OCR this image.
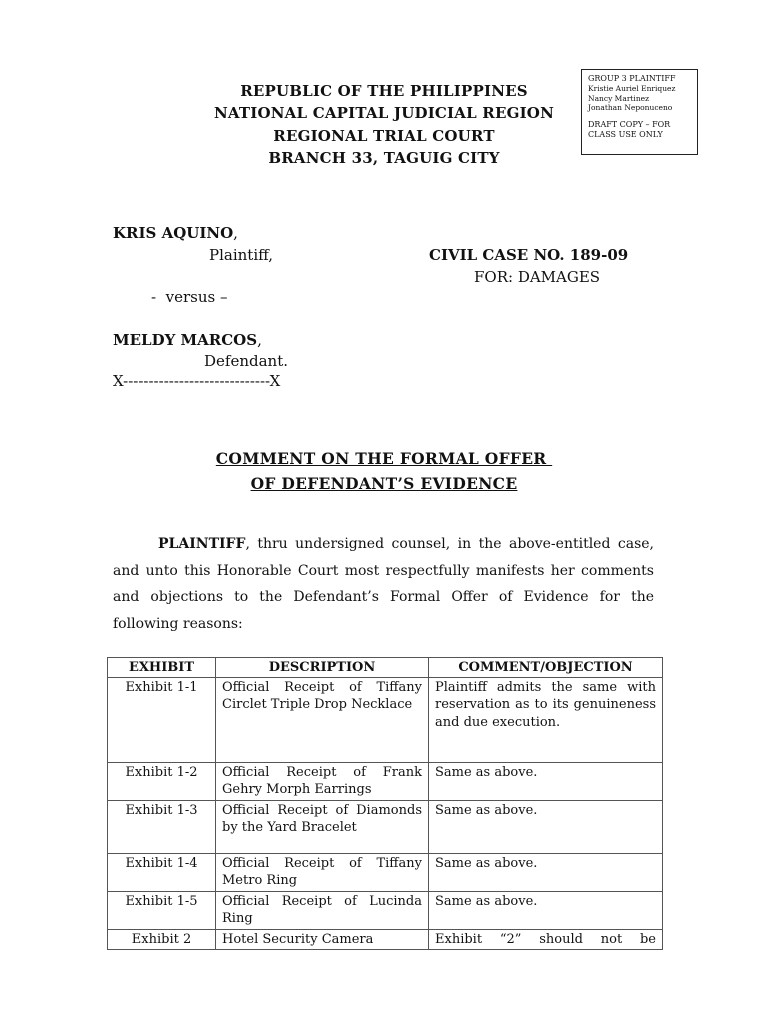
REPUBLIC OF THE PHILIPPINES
NATIONAL CAPITAL JUDICIAL REGION
REGIONAL TRIAL COURT
BRANCH 33, TAGUIG CITY
GROUP 3 PLAINTIFF
Kristie Auriel Enriquez
Nancy Martinez
Jonathan Neponuceno
DRAFT COPY – FOR CLASS USE ONLY
KRIS AQUINO,
Plaintiff,	CIVIL CASE NO. 189-09
FOR: DAMAGES
-  versus –
MELDY MARCOS,
Defendant.
X-----------------------------X
COMMENT ON THE FORMAL OFFER
OF DEFENDANT’S EVIDENCE
PLAINTIFF, thru undersigned counsel, in the above-entitled case, and unto this Honorable Court most respectfully manifests her comments and objections to the Defendant’s Formal Offer of Evidence for the following reasons:
EXHIBIT	DESCRIPTION	COMMENT/OBJECTION
Exhibit 1-1	Official Receipt of Tiffany Circlet Triple Drop Necklace	Plaintiff admits the same with reservation as to its genuineness and due execution.
Exhibit 1-2	Official Receipt of Frank Gehry Morph Earrings	Same as above.
Exhibit 1-3	Official Receipt of Diamonds by the Yard Bracelet	Same as above.
Exhibit 1-4	Official Receipt of Tiffany Metro Ring	Same as above.
Exhibit 1-5	Official Receipt of Lucinda Ring	Same as above.
Exhibit 2	Hotel Security Camera	Exhibit “2” should not be
